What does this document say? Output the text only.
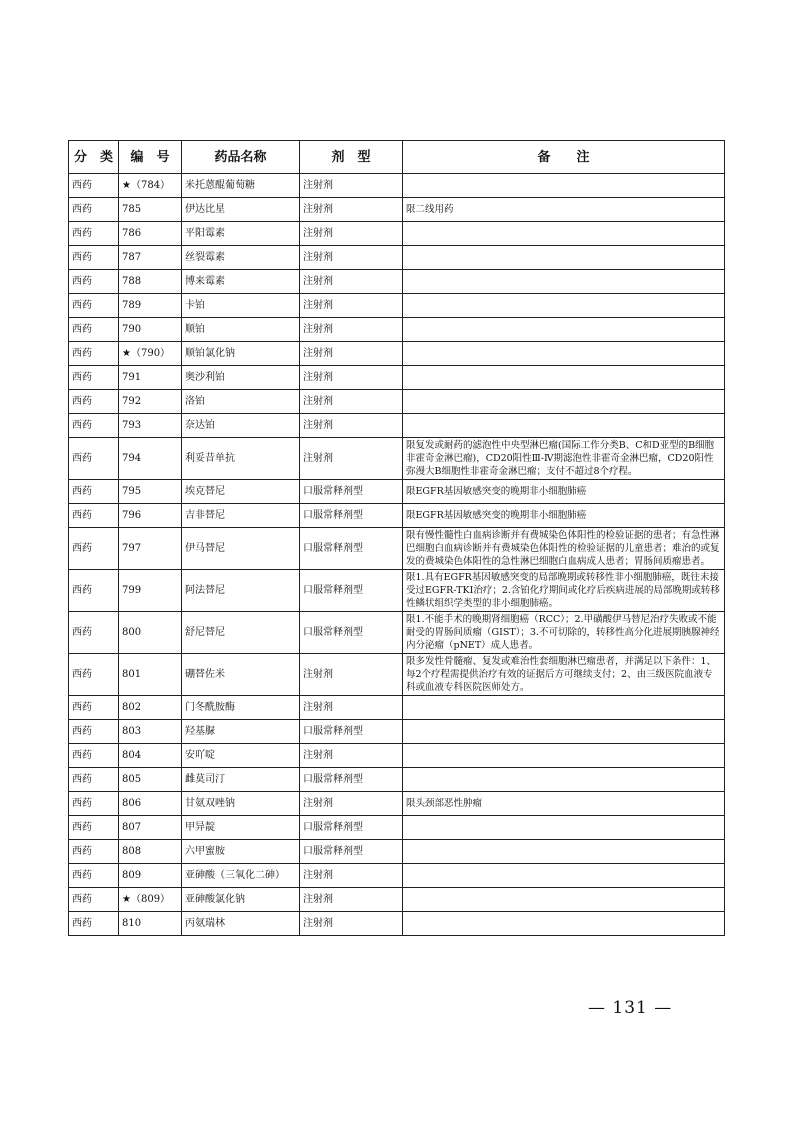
分　类	编　号	药品名称	剂　型	备　　注
西药	★（784）	米托蒽醌葡萄糖	注射剂	
西药	785	伊达比星	注射剂	限二线用药
西药	786	平阳霉素	注射剂	
西药	787	丝裂霉素	注射剂	
西药	788	博来霉素	注射剂	
西药	789	卡铂	注射剂	
西药	790	顺铂	注射剂	
西药	★（790）	顺铂氯化钠	注射剂	
西药	791	奥沙利铂	注射剂	
西药	792	洛铂	注射剂	
西药	793	奈达铂	注射剂	
西药	794	利妥昔单抗	注射剂	限复发或耐药的滤泡性中央型淋巴瘤(国际工作分类B、C和D亚型的B细胞非霍奇金淋巴瘤)，CD20阳性Ⅲ-Ⅳ期滤泡性非霍奇金淋巴瘤，CD20阳性弥漫大B细胞性非霍奇金淋巴瘤；支付不超过8个疗程。
西药	795	埃克替尼	口服常释剂型	限EGFR基因敏感突变的晚期非小细胞肺癌
西药	796	吉非替尼	口服常释剂型	限EGFR基因敏感突变的晚期非小细胞肺癌
西药	797	伊马替尼	口服常释剂型	限有慢性髓性白血病诊断并有费城染色体阳性的检验证据的患者；有急性淋巴细胞白血病诊断并有费城染色体阳性的检验证据的儿童患者；难治的或复发的费城染色体阳性的急性淋巴细胞白血病成人患者；胃肠间质瘤患者。
西药	799	阿法替尼	口服常释剂型	限1.具有EGFR基因敏感突变的局部晚期或转移性非小细胞肺癌，既往未接受过EGFR-TKI治疗；2.含铂化疗期间或化疗后疾病进展的局部晚期或转移性鳞状组织学类型的非小细胞肺癌。
西药	800	舒尼替尼	口服常释剂型	限1.不能手术的晚期肾细胞癌（RCC）；2.甲磺酸伊马替尼治疗失败或不能耐受的胃肠间质瘤（GIST）；3.不可切除的，转移性高分化进展期胰腺神经内分泌瘤（pNET）成人患者。
西药	801	硼替佐米	注射剂	限多发性骨髓瘤、复发或难治性套细胞淋巴瘤患者，并满足以下条件：1、每2个疗程需提供治疗有效的证据后方可继续支付；2、由三级医院血液专科或血液专科医院医师处方。
西药	802	门冬酰胺酶	注射剂	
西药	803	羟基脲	口服常释剂型	
西药	804	安吖啶	注射剂	
西药	805	雌莫司汀	口服常释剂型	
西药	806	甘氨双唑钠	注射剂	限头颈部恶性肿瘤
西药	807	甲异靛	口服常释剂型	
西药	808	六甲蜜胺	口服常释剂型	
西药	809	亚砷酸（三氧化二砷）	注射剂	
西药	★（809）	亚砷酸氯化钠	注射剂	
西药	810	丙氨瑞林	注射剂	
— 131 —
